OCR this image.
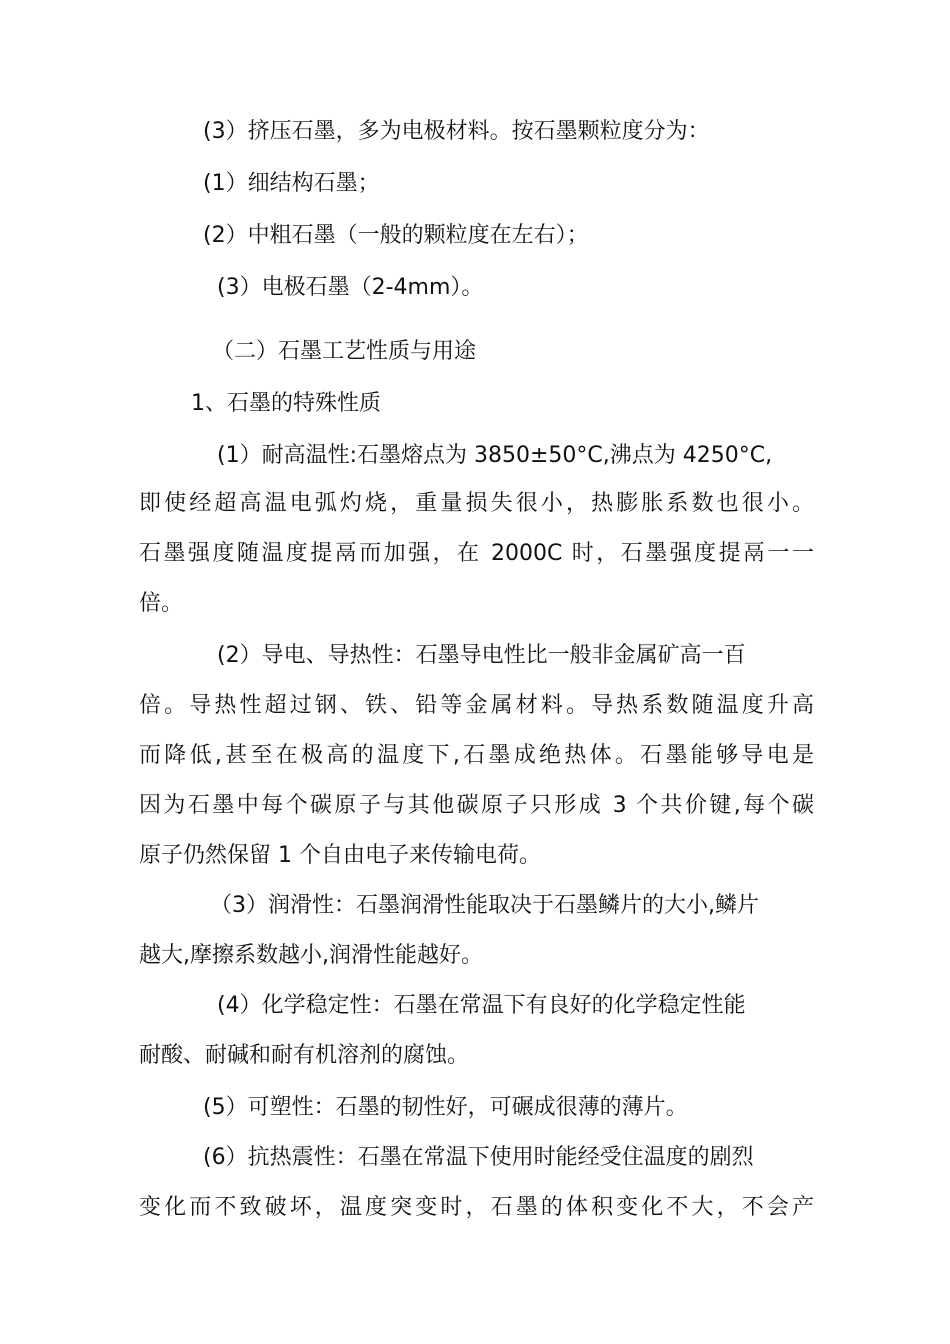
(3）挤压石墨，多为电极材料。按石墨颗粒度分为：
(1）细结构石墨；
(2）中粗石墨（一般的颗粒度在左右）；
(3）电极石墨（2-4mm）。
（二）石墨工艺性质与用途
1、石墨的特殊性质
(1）耐高温性:石墨熔点为 3850±50°C,沸点为 4250°C,
即使经超高温电弧灼烧，重量损失很小，热膨胀系数也很小。
石墨强度随温度提鬲而加强，在 2000C 时，石墨强度提鬲一一
倍。
(2）导电、导热性：石墨导电性比一般非金属矿高一百
倍。导热性超过钢、铁、铅等金属材料。导热系数随温度升高
而降低,甚至在极高的温度下,石墨成绝热体。石墨能够导电是
因为石墨中每个碳原子与其他碳原子只形成 3 个共价键,每个碳
原子仍然保留 1 个自由电子来传输电荷。
（3）润滑性：石墨润滑性能取决于石墨鳞片的大小,鳞片
越大,摩擦系数越小,润滑性能越好。
(4）化学稳定性：石墨在常温下有良好的化学稳定性能
耐酸、耐碱和耐有机溶剂的腐蚀。
(5）可塑性：石墨的韧性好，可碾成很薄的薄片。
(6）抗热震性：石墨在常温下使用时能经受住温度的剧烈
变化而不致破坏，温度突变时，石墨的体积变化不大，不会产
